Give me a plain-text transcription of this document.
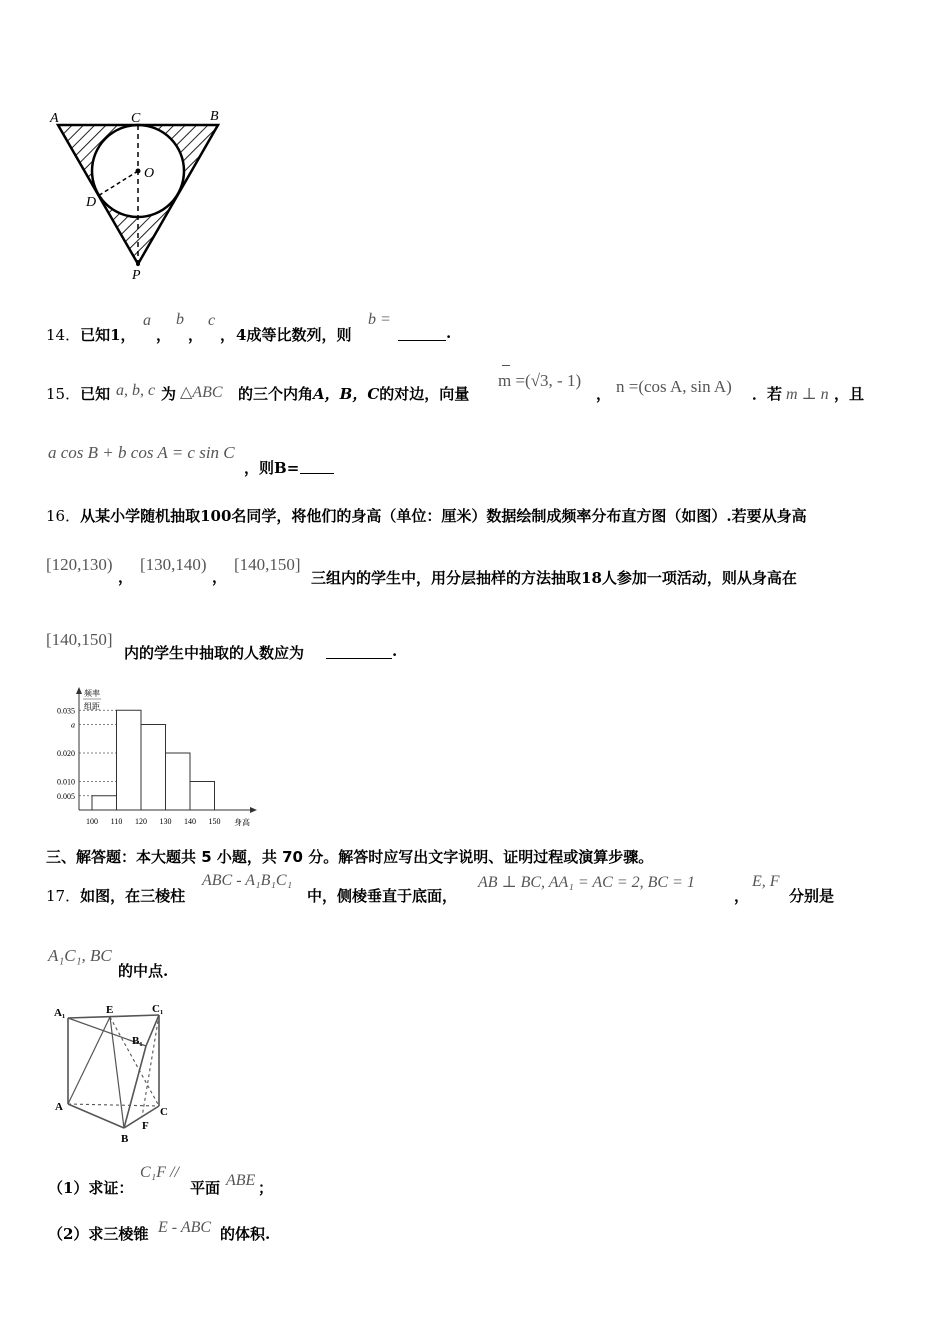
A	C	B
O
D
P
14．已知1，
a
，
b
，
c
， 4成等比数列，则
b =
.
15．已知 a, b, c 为 △ABC 的三个内角A，B，C的对边，向量
m =(√3, - 1)
， n =(cos A, sin A) ．若 m ⊥ n ，且
a cos B + b cos A = c sin C
，则B=
16．从某小学随机抽取100名同学，将他们的身高（单位：厘米）数据绘制成频率分布直方图（如图）.若要从身高
[120,130)
，
[130,140)
，
[140,150]
三组内的学生中，用分层抽样的方法抽取18人参加一项活动，则从身高在
[140,150]
内的学生中抽取的人数应为	.
频率
组距
身高
0.035
a
0.020
0.010
0.005
100 110 120 130 140 150
三、解答题：本大题共 5 小题，共 70 分。解答时应写出文字说明、证明过程或演算步骤。
17．如图，在三棱柱
ABC - A₁B₁C₁
中，侧棱垂直于底面，
AB ⊥ BC, AA₁ = AC = 2, BC = 1
，
E, F
分别是
A₁C₁, BC
的中点.
A₁	E	C₁
B₁
A	C
F
B
（1）求证：
C₁F //
平面 ABE ；
（2）求三棱锥 E - ABC 的体积.
